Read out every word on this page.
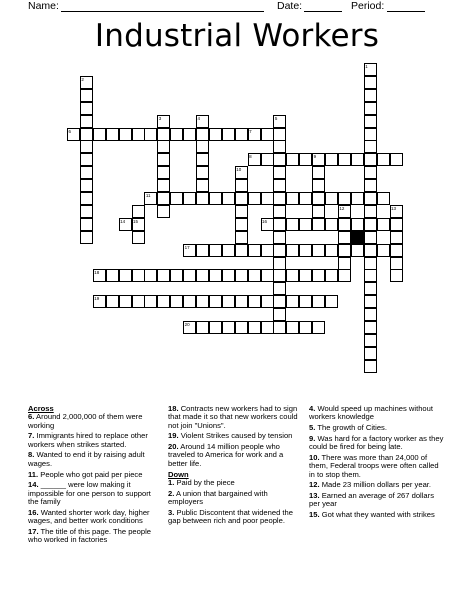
Name:	Date:	Period:
Industrial Workers
1
2
3	4	5
6	7
8	9
10
11
12	13
14 15	16
17
18
19
20
Across
6. Around 2,000,000 of them were working
7. Immigrants hired to replace other workers when strikes started.
8. Wanted to end it by raising adult wages.
11. People who got paid per piece
14. ______ were low making it impossible for one person to support the family
16. Wanted shorter work day, higher wages, and better work conditions
17. The title of this page. The people who worked in factories
18. Contracts new workers had to sign that made it so that new workers could not join "Unions".
19. Violent Strikes caused by tension
20. Around 14 million people who traveled to America for work and a better life.
Down
1. Paid by the piece
2. A union that bargained with employers
3. Public Discontent that widened the gap between rich and poor people.
4. Would speed up machines without workers knowledge
5. The growth of Cities.
9. Was hard for a factory worker as they could be fired for being late.
10. There was more than 24,000 of them, Federal troops were often called in to stop them.
12. Made 23 million dollars per year.
13. Earned an average of 267 dollars per year
15. Got what they wanted with strikes
